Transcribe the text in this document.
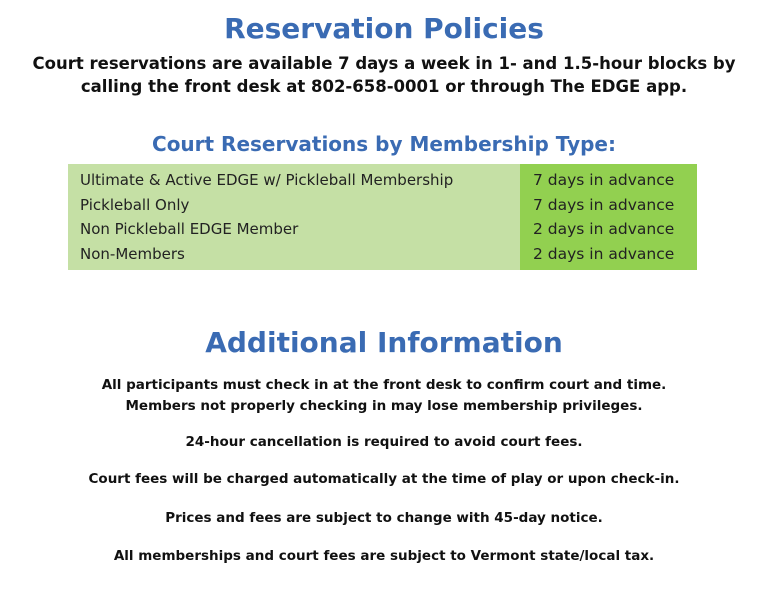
Reservation Policies
Court reservations are available 7 days a week in 1- and 1.5-hour blocks by
calling the front desk at 802-658-0001 or through The EDGE app.
Court Reservations by Membership Type:
Ultimate & Active EDGE w/ Pickleball Membership	7 days in advance
Pickleball Only	7 days in advance
Non Pickleball EDGE Member	2 days in advance
Non-Members	2 days in advance
Additional Information
All participants must check in at the front desk to confirm court and time.
Members not properly checking in may lose membership privileges.
24-hour cancellation is required to avoid court fees.
Court fees will be charged automatically at the time of play or upon check-in.
Prices and fees are subject to change with 45-day notice.
All memberships and court fees are subject to Vermont state/local tax.
